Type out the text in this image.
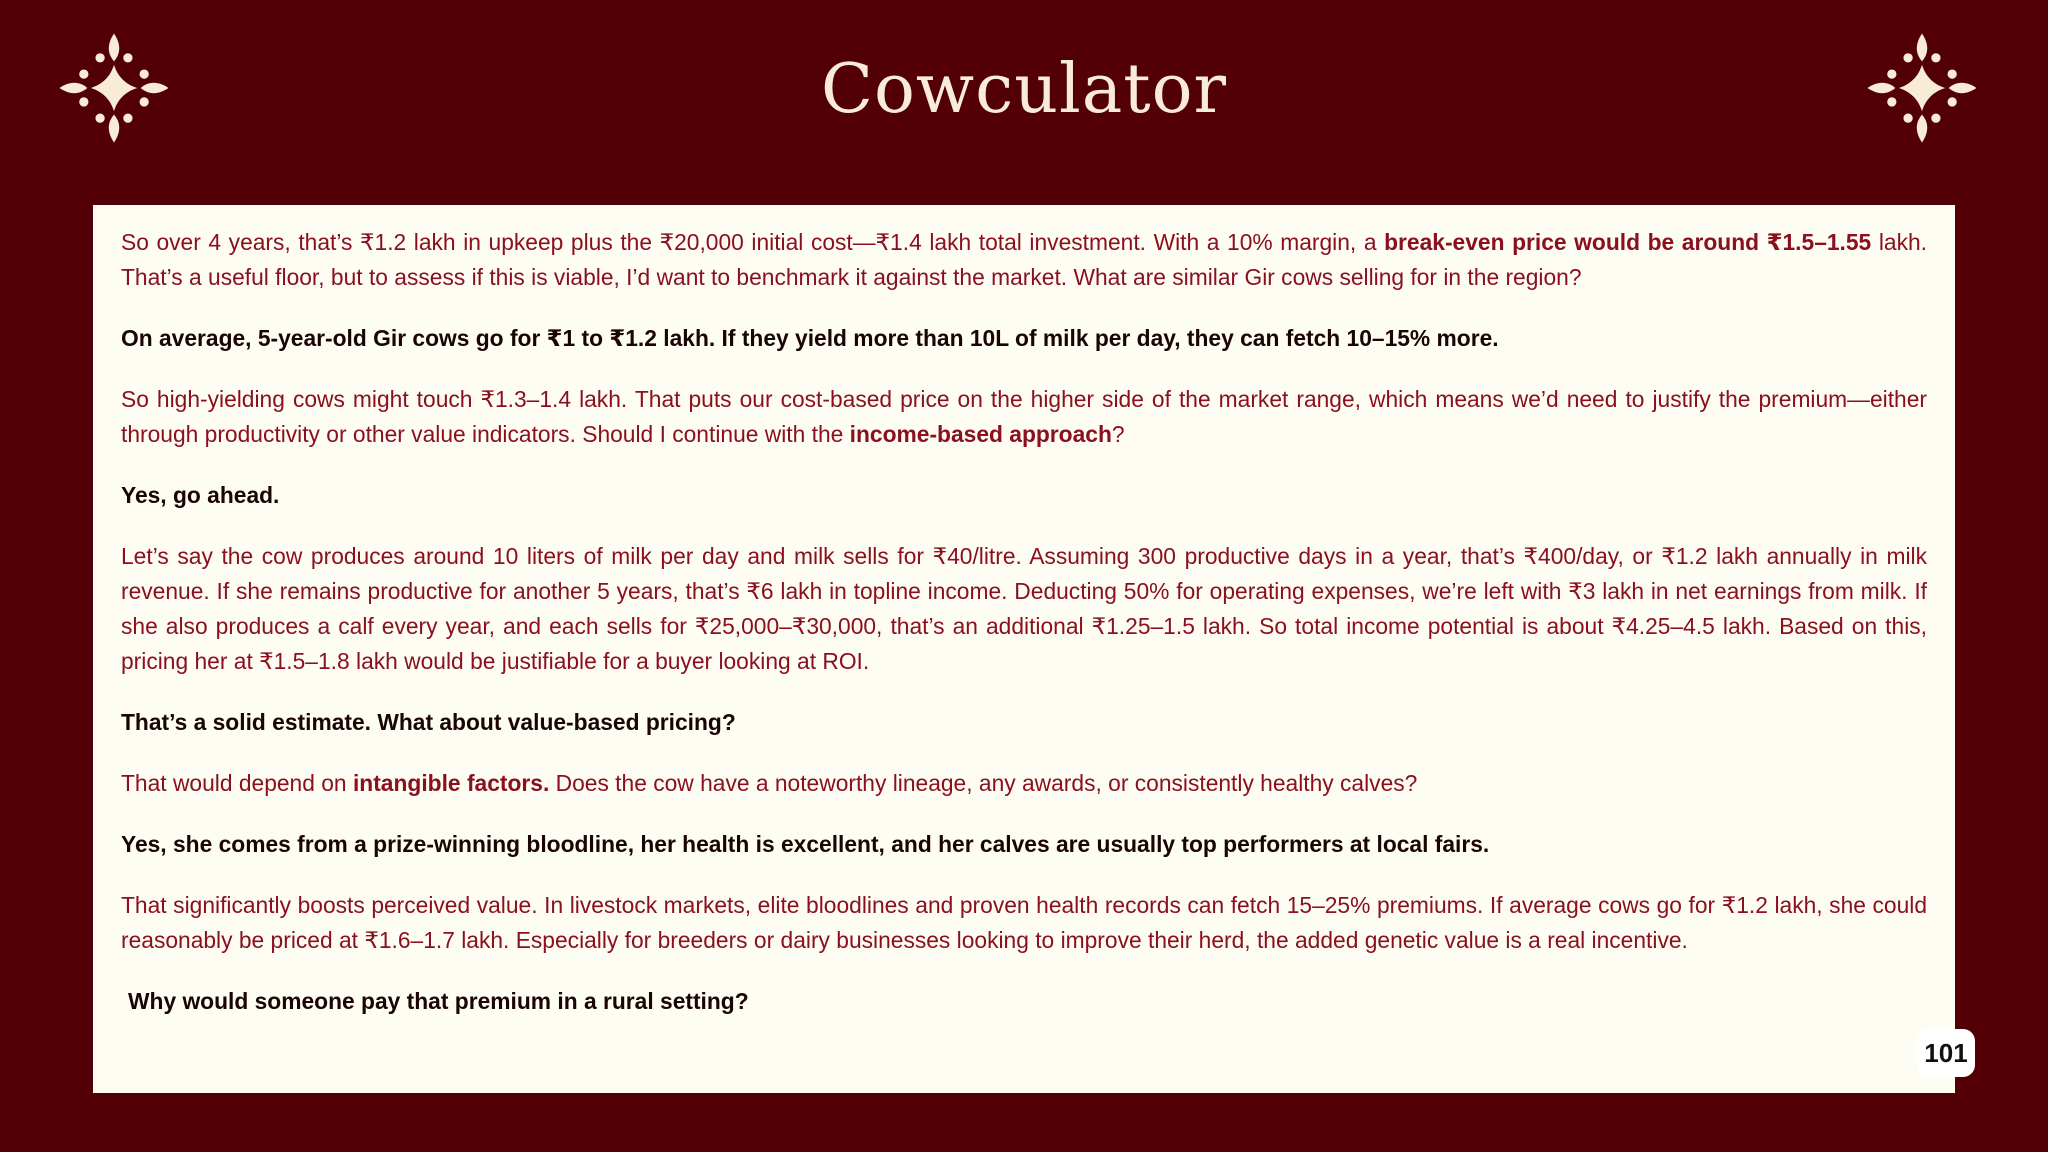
Cowculator

So over 4 years, that’s ₹1.2 lakh in upkeep plus the ₹20,000 initial cost—₹1.4 lakh total investment. With a 10% margin, a break-even price would be around ₹1.5–1.55 lakh. That’s a useful floor, but to assess if this is viable, I’d want to benchmark it against the market. What are similar Gir cows selling for in the region?

On average, 5-year-old Gir cows go for ₹1 to ₹1.2 lakh. If they yield more than 10L of milk per day, they can fetch 10–15% more.

So high-yielding cows might touch ₹1.3–1.4 lakh. That puts our cost-based price on the higher side of the market range, which means we’d need to justify the premium—either through productivity or other value indicators. Should I continue with the income-based approach?

Yes, go ahead.

Let’s say the cow produces around 10 liters of milk per day and milk sells for ₹40/litre. Assuming 300 productive days in a year, that’s ₹400/day, or ₹1.2 lakh annually in milk revenue. If she remains productive for another 5 years, that’s ₹6 lakh in topline income. Deducting 50% for operating expenses, we’re left with ₹3 lakh in net earnings from milk. If she also produces a calf every year, and each sells for ₹25,000–₹30,000, that’s an additional ₹1.25–1.5 lakh. So total income potential is about ₹4.25–4.5 lakh. Based on this, pricing her at ₹1.5–1.8 lakh would be justifiable for a buyer looking at ROI.

That’s a solid estimate. What about value-based pricing?

That would depend on intangible factors. Does the cow have a noteworthy lineage, any awards, or consistently healthy calves?

Yes, she comes from a prize-winning bloodline, her health is excellent, and her calves are usually top performers at local fairs.

That significantly boosts perceived value. In livestock markets, elite bloodlines and proven health records can fetch 15–25% premiums. If average cows go for ₹1.2 lakh, she could reasonably be priced at ₹1.6–1.7 lakh. Especially for breeders or dairy businesses looking to improve their herd, the added genetic value is a real incentive.

Why would someone pay that premium in a rural setting?

101
